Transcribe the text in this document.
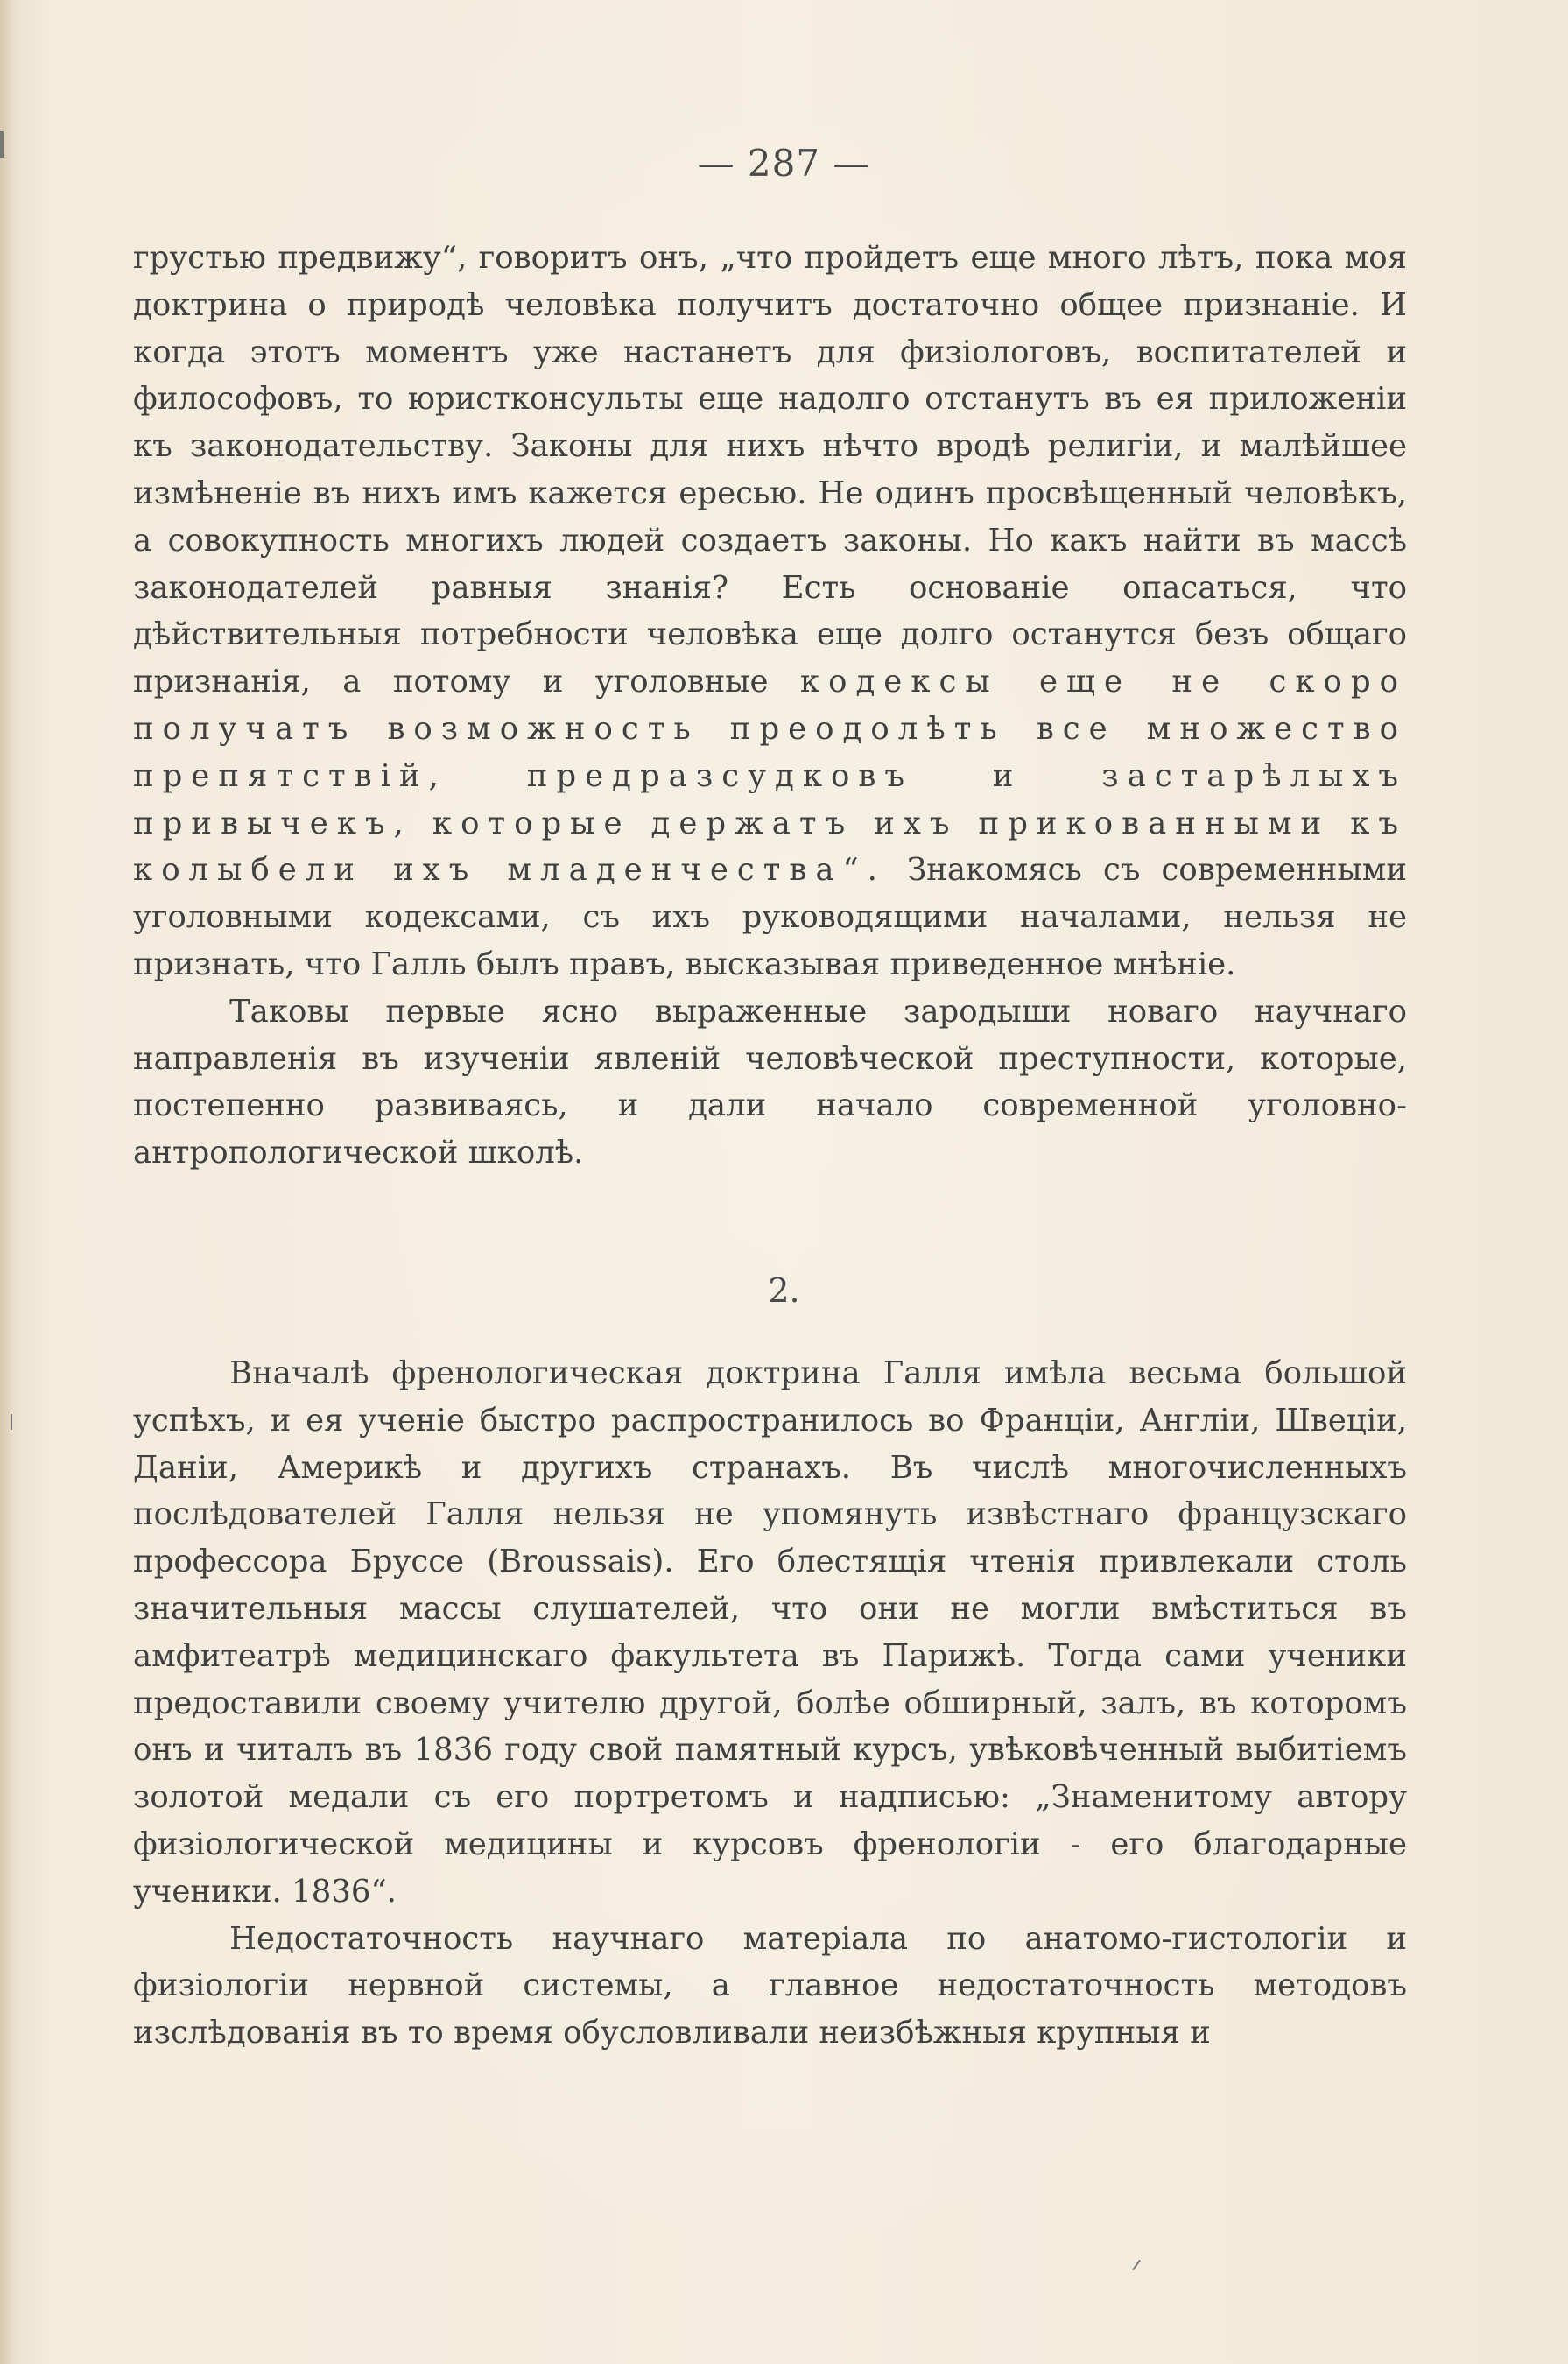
— 287 —

грустью предвижу“, говоритъ онъ, „что пройдетъ еще много лѣтъ, пока моя доктрина о природѣ человѣка получитъ достаточно общее признаніе. И когда этотъ моментъ уже настанетъ для физiологовъ, воспитателей и философовъ, то юристконсульты еще надолго отстанутъ въ ея приложенiи къ законодательству. Законы для нихъ нѣчто вродѣ религiи, и малѣйшее измѣненіе въ нихъ имъ кажется ересью. Не одинъ просвѣщенный человѣкъ, а совокупность многихъ людей создаетъ законы. Но какъ найти въ массѣ законодателей равныя знанія? Есть основаніе опасаться, что дѣйствительныя потребности человѣка еще долго останутся безъ общаго признанія, а потому и уголовные кодексы еще не скоро получатъ возможность преодолѣть все множество препятствій, предразсудковъ и застарѣлыхъ привычекъ, которые держатъ ихъ прикованными къ колыбели ихъ младенчества“. Знакомясь съ современными уголовными кодексами, съ ихъ руководящими началами, нельзя не признать, что Галль былъ правъ, высказывая приведенное мнѣніе.

Таковы первые ясно выраженные зародыши новаго научнаго направленія въ изученiи явленій человѣческой преступности, которые, постепенно развиваясь, и дали начало современной уголовно-антропологической школѣ.

2.

Вначалѣ френологическая доктрина Галля имѣла весьма большой успѣхъ, и ея ученіе быстро распространилось во Францiи, Англiи, Швецiи, Данiи, Америкѣ и другихъ странахъ. Въ числѣ многочисленныхъ послѣдователей Галля нельзя не упомянуть извѣстнаго французскаго профессора Бруссе (Broussais). Его блестящія чтенія привлекали столь значительныя массы слушателей, что они не могли вмѣститься въ амфитеатрѣ медицинскаго факультета въ Парижѣ. Тогда сами ученики предоставили своему учителю другой, болѣе обширный, залъ, въ которомъ онъ и читалъ въ 1836 году свой памятный курсъ, увѣковѣченный выбитіемъ золотой медали съ его портретомъ и надписью: „Знаменитому автору физiологической медицины и курсовъ френологiи - его благодарные ученики. 1836“.

Недостаточность научнаго матеріала по анатомо-гистологiи и физiологiи нервной системы, а главное недостаточность методовъ изслѣдованія въ то время обусловливали неизбѣжныя крупныя и
